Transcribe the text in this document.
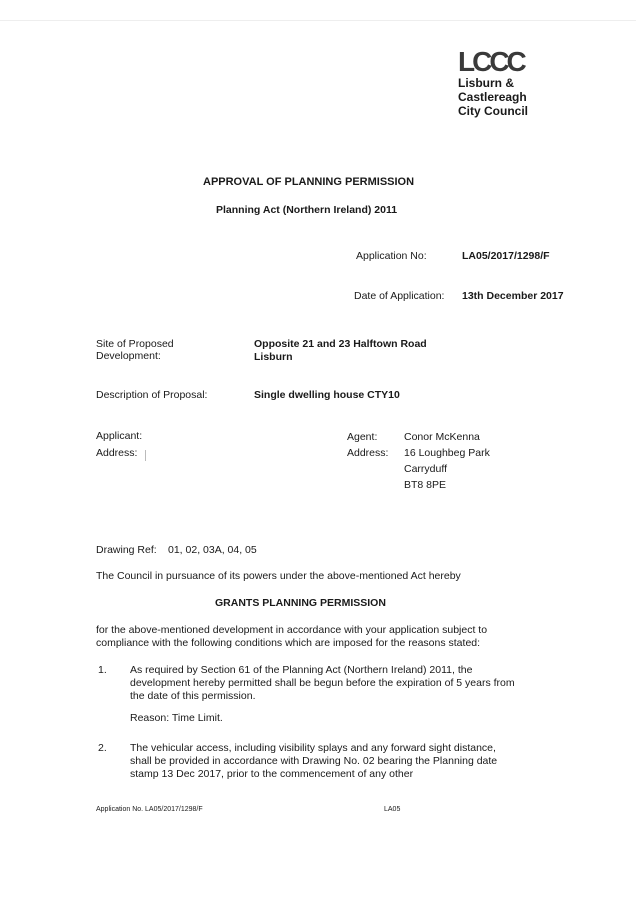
LCCC
Lisburn &
Castlereagh
City Council
APPROVAL OF PLANNING PERMISSION
Planning Act (Northern Ireland) 2011
Application No:	LA05/2017/1298/F
Date of Application: 13th December 2017
Site of Proposed
Development:
Opposite 21 and 23 Halftown Road
Lisburn
Description of Proposal:	Single dwelling house CTY10
Applicant:
Address:
Agent:	Conor McKenna
Address: 16 Loughbeg Park
Carryduff
BT8 8PE
Drawing Ref: 01, 02, 03A, 04, 05
The Council in pursuance of its powers under the above-mentioned Act hereby
GRANTS PLANNING PERMISSION
for the above-mentioned development in accordance with your application subject to compliance with the following conditions which are imposed for the reasons stated:
1. As required by Section 61 of the Planning Act (Northern Ireland) 2011, the development hereby permitted shall be begun before the expiration of 5 years from the date of this permission.
Reason: Time Limit.
2. The vehicular access, including visibility splays and any forward sight distance, shall be provided in accordance with Drawing No. 02 bearing the Planning date stamp 13 Dec 2017, prior to the commencement of any other
Application No. LA05/2017/1298/F	LA05
